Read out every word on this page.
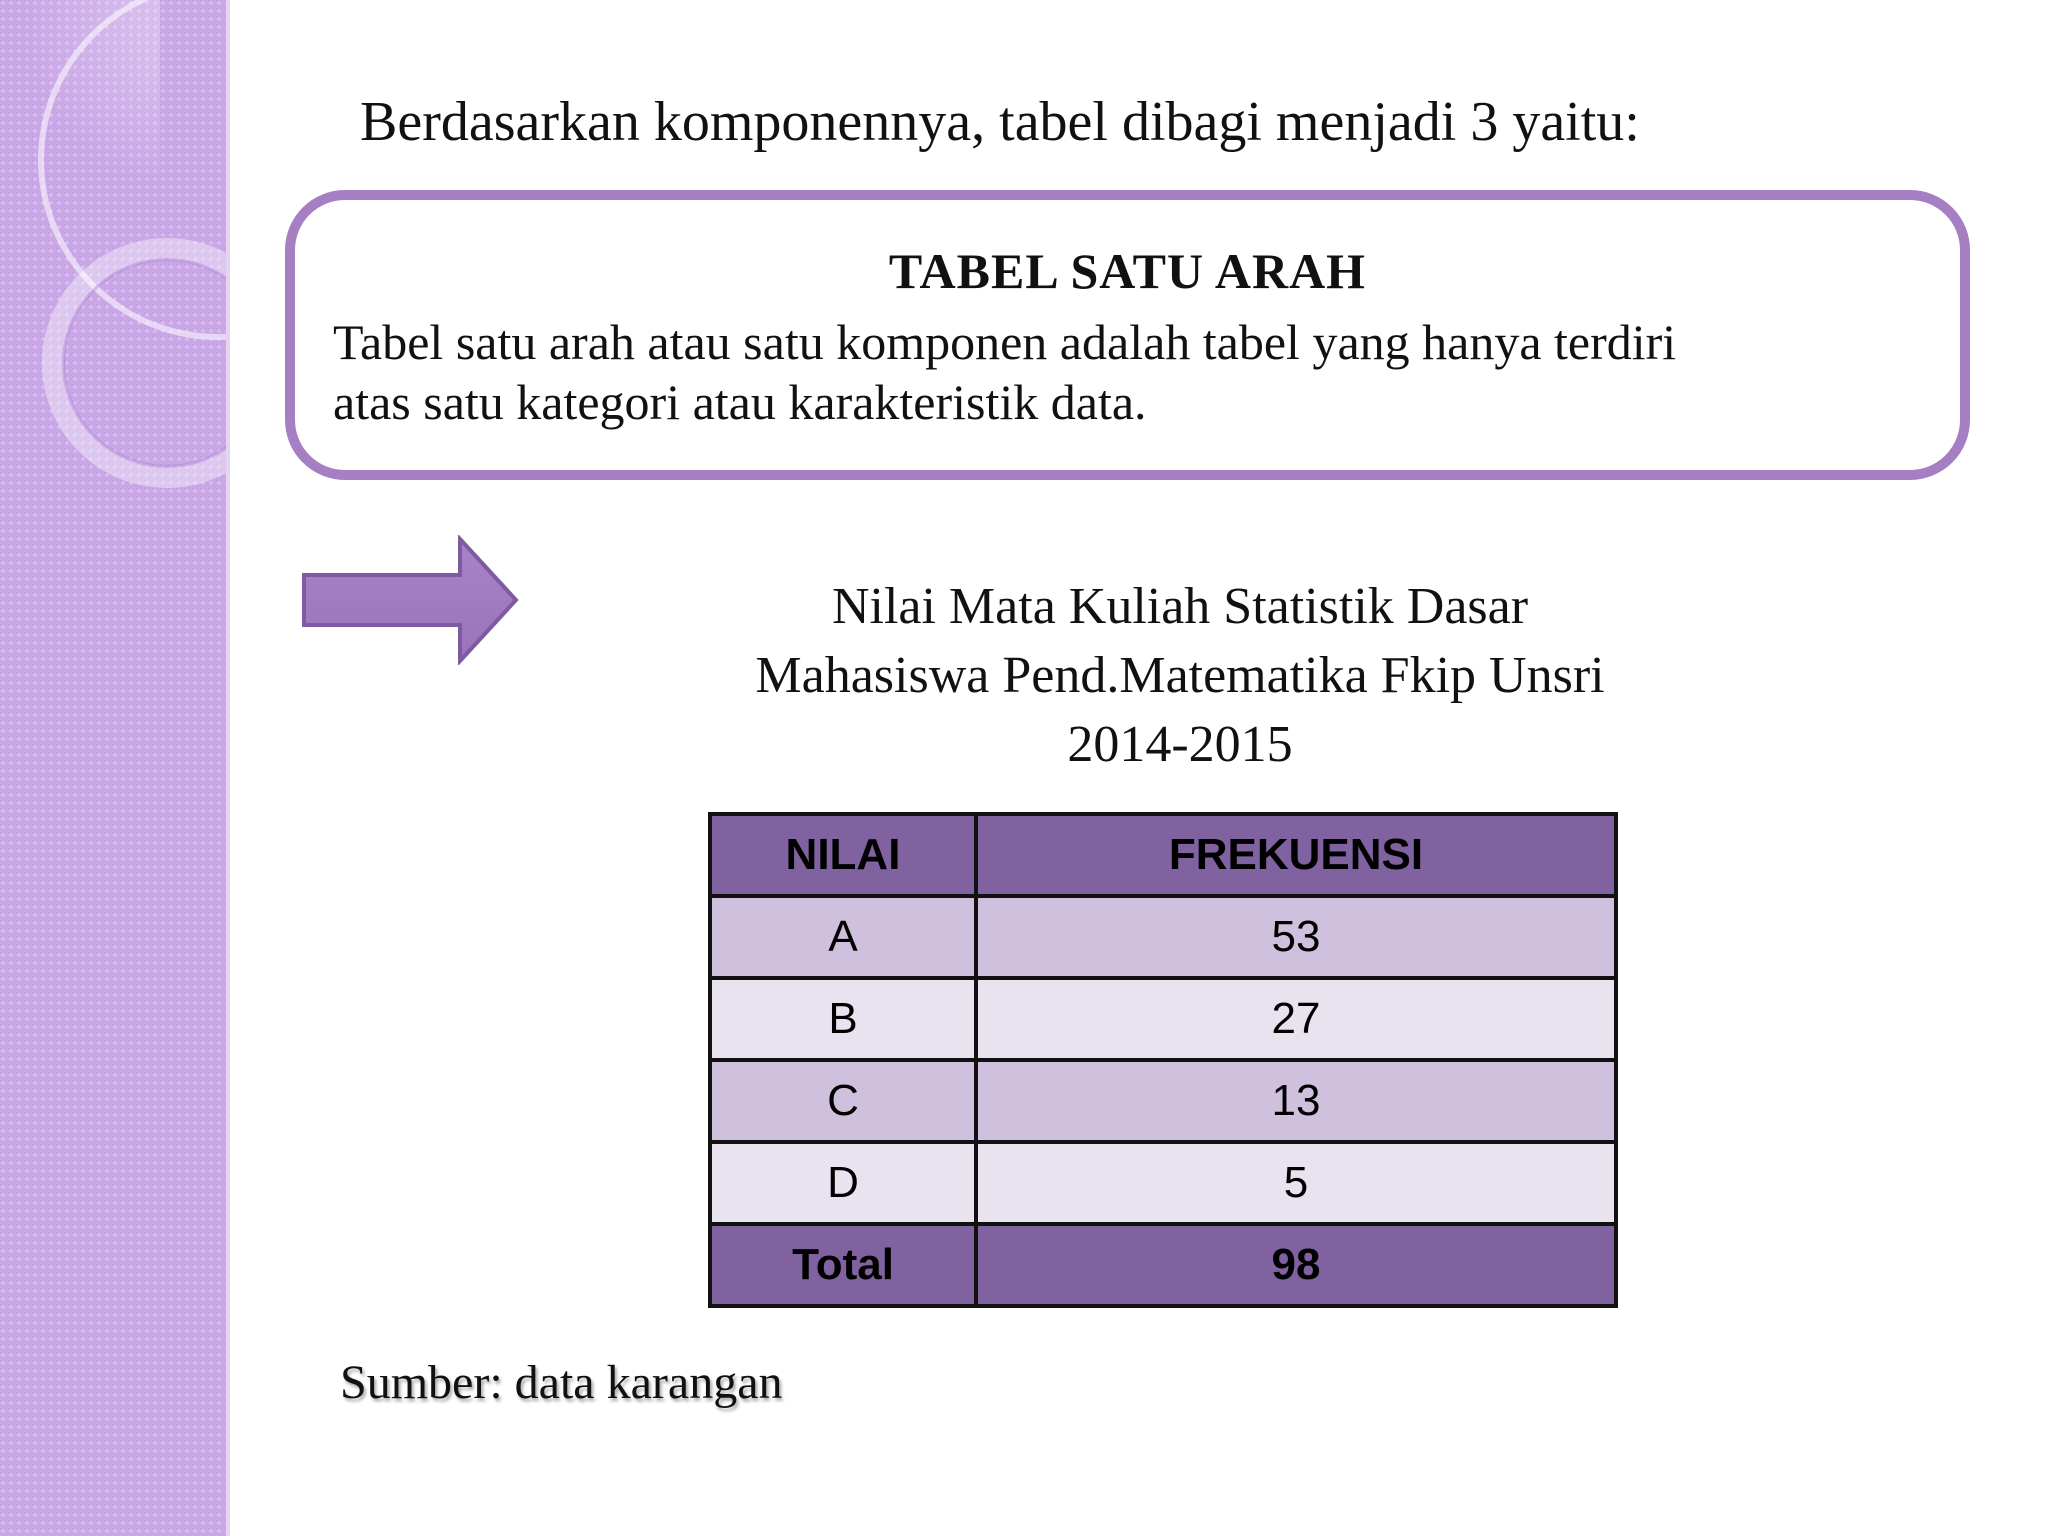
Berdasarkan komponennya, tabel dibagi menjadi 3 yaitu:
TABEL SATU ARAH
Tabel satu arah atau satu komponen adalah tabel yang hanya terdiri
atas satu kategori atau karakteristik data.
Nilai Mata Kuliah Statistik Dasar
Mahasiswa Pend.Matematika Fkip Unsri
2014-2015
NILAI	FREKUENSI
A	53
B	27
C	13
D	5
Total	98
Sumber: data karangan
